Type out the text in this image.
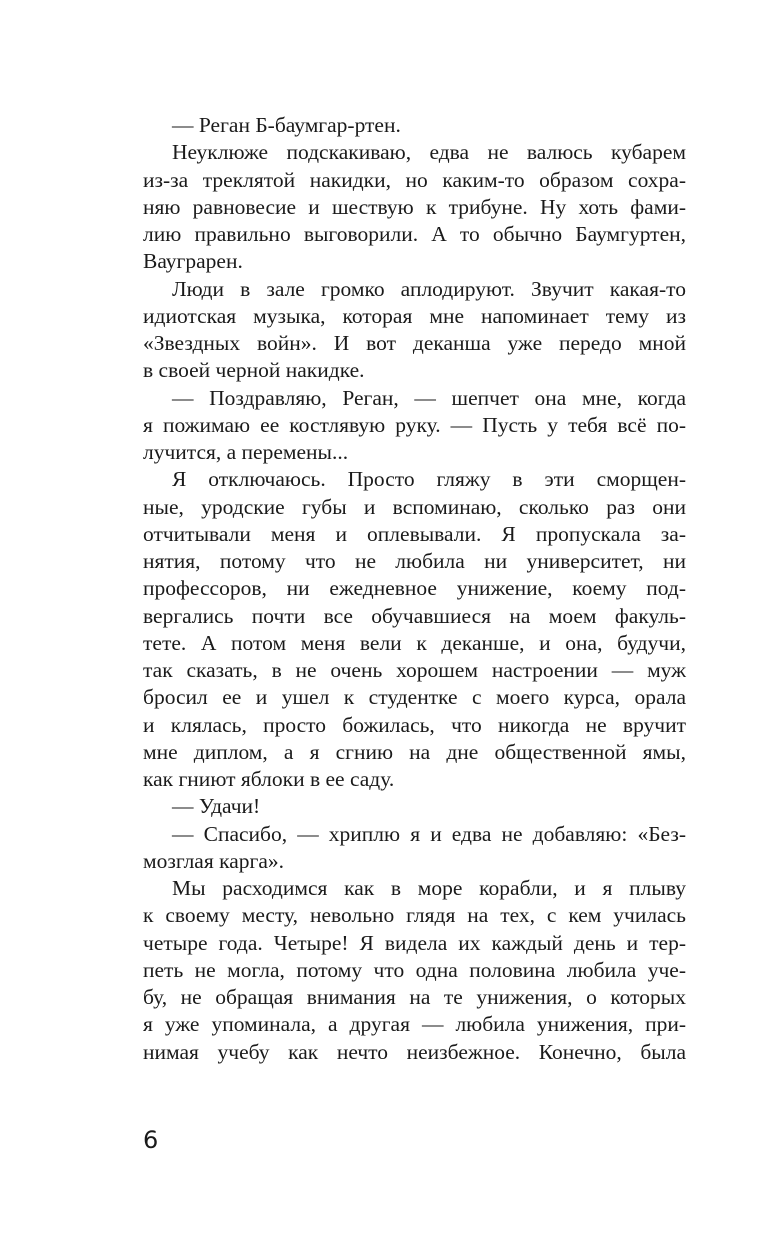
— Реган Б-баумгар-ртен.
Неуклюже подскакиваю, едва не валюсь кубарем
из-за треклятой накидки, но каким-то образом сохра-
няю равновесие и шествую к трибуне. Ну хоть фами-
лию правильно выговорили. А то обычно Баумгуртен,
Вауграрен.
Люди в зале громко аплодируют. Звучит какая-то
идиотская музыка, которая мне напоминает тему из
«Звездных войн». И вот деканша уже передо мной
в своей черной накидке.
— Поздравляю, Реган, — шепчет она мне, когда
я пожимаю ее костлявую руку. — Пусть у тебя всё по-
лучится, а перемены...
Я отключаюсь. Просто гляжу в эти сморщен-
ные, уродские губы и вспоминаю, сколько раз они
отчитывали меня и оплевывали. Я пропускала за-
нятия, потому что не любила ни университет, ни
профессоров, ни ежедневное унижение, коему под-
вергались почти все обучавшиеся на моем факуль-
тете. А потом меня вели к деканше, и она, будучи,
так сказать, в не очень хорошем настроении — муж
бросил ее и ушел к студентке с моего курса, орала
и клялась, просто божилась, что никогда не вручит
мне диплом, а я сгнию на дне общественной ямы,
как гниют яблоки в ее саду.
— Удачи!
— Спасибо, — хриплю я и едва не добавляю: «Без-
мозглая карга».
Мы расходимся как в море корабли, и я плыву
к своему месту, невольно глядя на тех, с кем училась
четыре года. Четыре! Я видела их каждый день и тер-
петь не могла, потому что одна половина любила уче-
бу, не обращая внимания на те унижения, о которых
я уже упоминала, а другая — любила унижения, при-
нимая учебу как нечто неизбежное. Конечно, была
6
